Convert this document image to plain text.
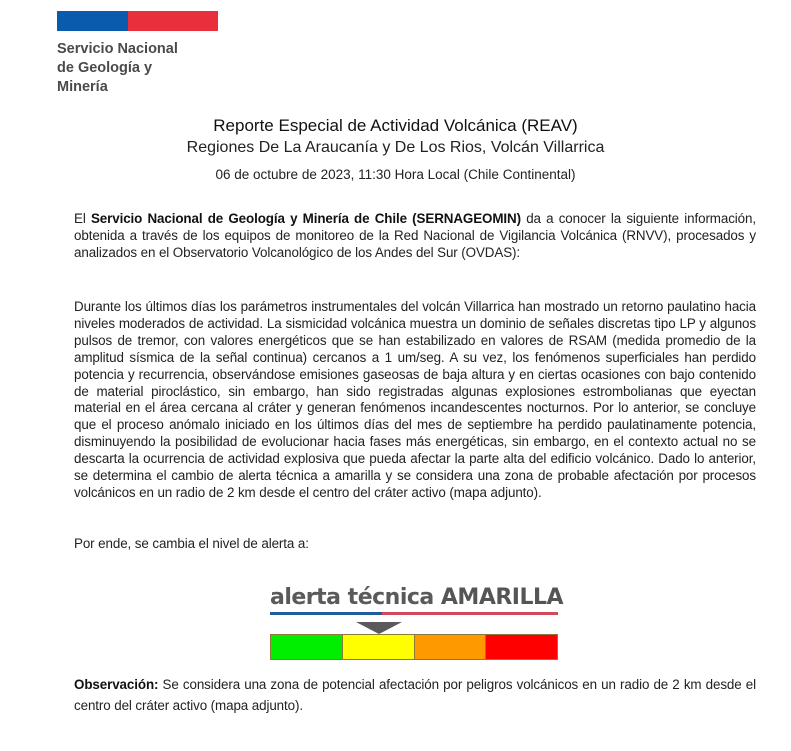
Servicio Nacional
de Geología y
Minería
Reporte Especial de Actividad Volcánica (REAV)
Regiones De La Araucanía y De Los Rios, Volcán Villarrica
06 de octubre de 2023, 11:30 Hora Local (Chile Continental)
El Servicio Nacional de Geología y Minería de Chile (SERNAGEOMIN) da a conocer la siguiente información, obtenida a través de los equipos de monitoreo de la Red Nacional de Vigilancia Volcánica (RNVV), procesados y analizados en el Observatorio Volcanológico de los Andes del Sur (OVDAS):
Durante los últimos días los parámetros instrumentales del volcán Villarrica han mostrado un retorno paulatino hacia niveles moderados de actividad. La sismicidad volcánica muestra un dominio de señales discretas tipo LP y algunos pulsos de tremor, con valores energéticos que se han estabilizado en valores de RSAM (medida promedio de la amplitud sísmica de la señal continua) cercanos a 1 um/seg. A su vez, los fenómenos superficiales han perdido potencia y recurrencia, observándose emisiones gaseosas de baja altura y en ciertas ocasiones con bajo contenido de material piroclástico, sin embargo, han sido registradas algunas explosiones estrombolianas que eyectan material en el área cercana al cráter y generan fenómenos incandescentes nocturnos. Por lo anterior, se concluye que el proceso anómalo iniciado en los últimos días del mes de septiembre ha perdido paulatinamente potencia, disminuyendo la posibilidad de evolucionar hacia fases más energéticas, sin embargo, en el contexto actual no se descarta la ocurrencia de actividad explosiva que pueda afectar la parte alta del edificio volcánico. Dado lo anterior, se determina el cambio de alerta técnica a amarilla y se considera una zona de probable afectación por procesos volcánicos en un radio de 2 km desde el centro del cráter activo (mapa adjunto).
Por ende, se cambia el nivel de alerta a:
alerta técnica AMARILLA
Observación: Se considera una zona de potencial afectación por peligros volcánicos en un radio de 2 km desde el centro del cráter activo (mapa adjunto).
